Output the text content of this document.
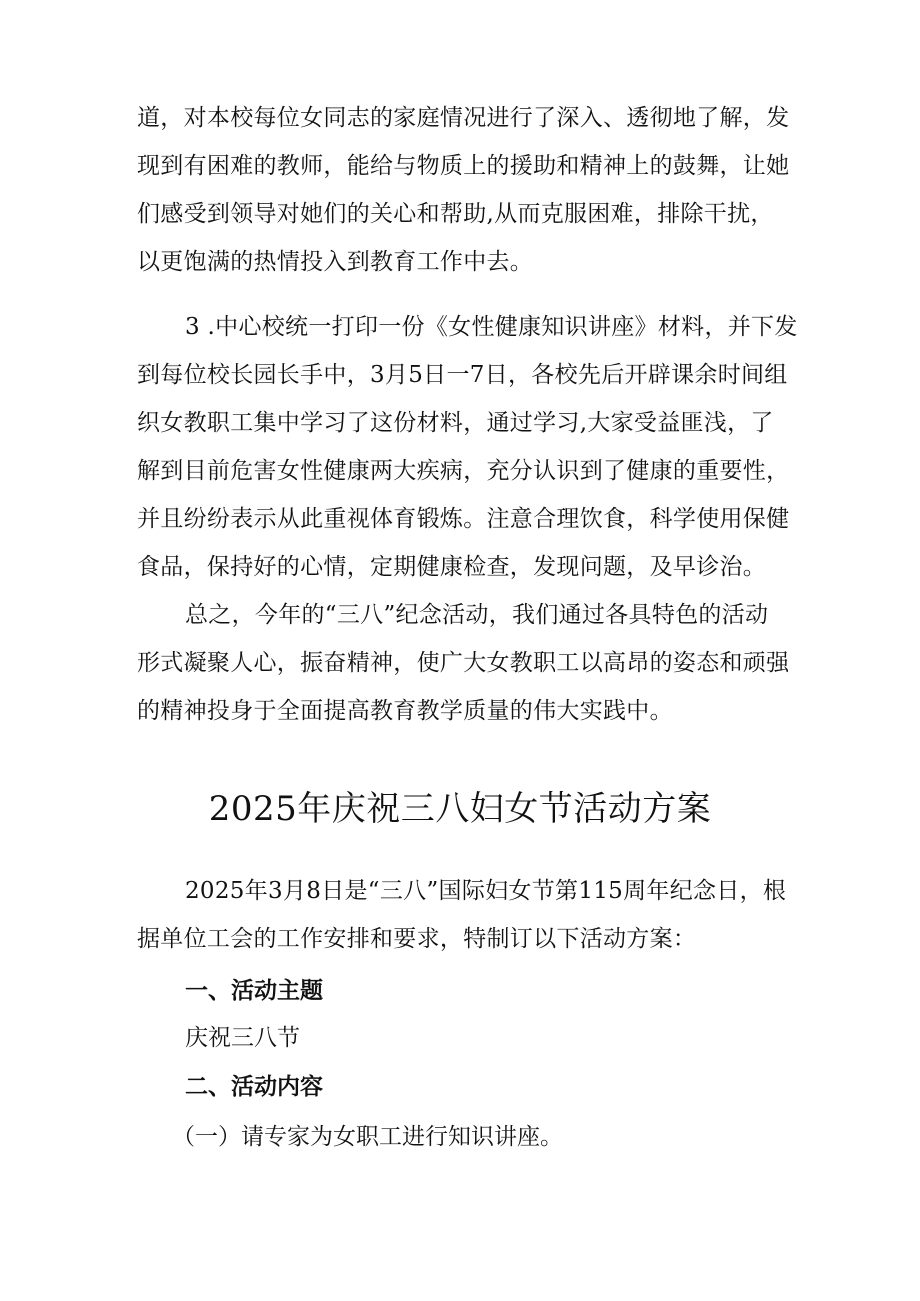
道，对本校每位女同志的家庭情况进行了深入、透彻地了解，发
现到有困难的教师，能给与物质上的援助和精神上的鼓舞，让她
们感受到领导对她们的关心和帮助,从而克服困难，排除干扰，
以更饱满的热情投入到教育工作中去。
3 .中心校统一打印一份《女性健康知识讲座》材料，并下发
到每位校长园长手中，3月5日一7日，各校先后开辟课余时间组
织女教职工集中学习了这份材料，通过学习,大家受益匪浅，了
解到目前危害女性健康两大疾病，充分认识到了健康的重要性，
并且纷纷表示从此重视体育锻炼。注意合理饮食，科学使用保健
食品，保持好的心情，定期健康检查，发现问题，及早诊治。
总之，今年的“三八”纪念活动，我们通过各具特色的活动
形式凝聚人心，振奋精神，使广大女教职工以高昂的姿态和顽强
的精神投身于全面提高教育教学质量的伟大实践中。
2025年庆祝三八妇女节活动方案
2025年3月8日是“三八”国际妇女节第115周年纪念日，根
据单位工会的工作安排和要求，特制订以下活动方案：

一、活动主题

庆祝三八节

二、活动内容

（一）请专家为女职工进行知识讲座。
